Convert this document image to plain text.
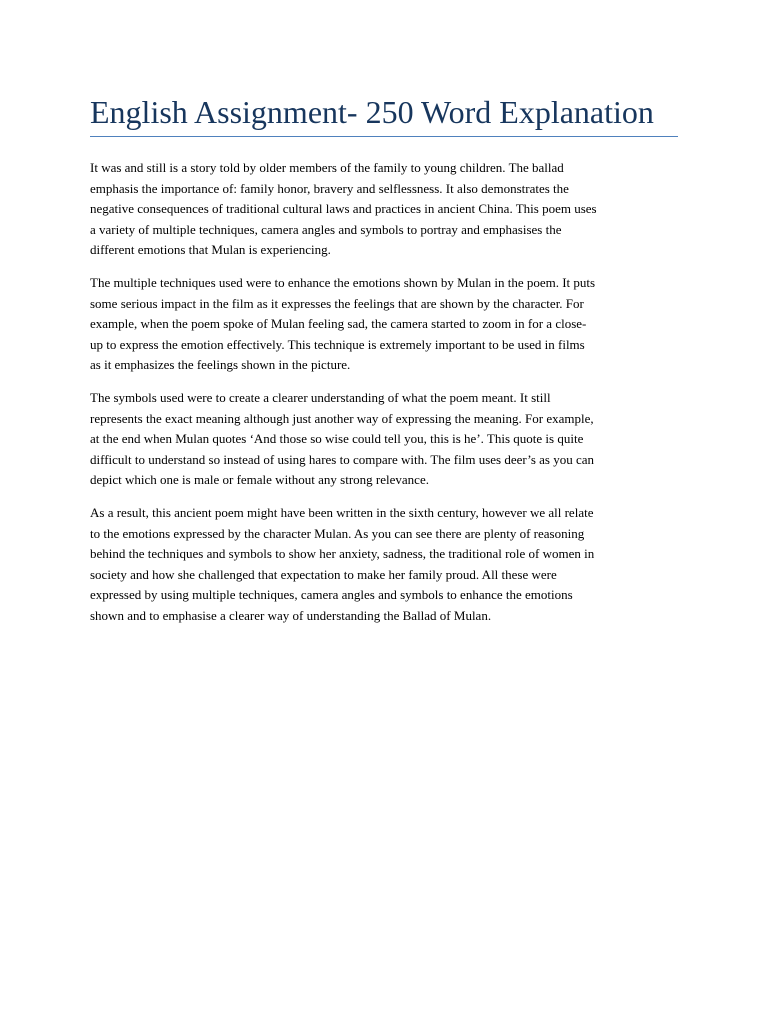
English Assignment- 250 Word Explanation

It was and still is a story told by older members of the family to young children. The ballad
emphasis the importance of: family honor, bravery and selflessness. It also demonstrates the
negative consequences of traditional cultural laws and practices in ancient China. This poem uses
a variety of multiple techniques, camera angles and symbols to portray and emphasises the
different emotions that Mulan is experiencing.

The multiple techniques used were to enhance the emotions shown by Mulan in the poem. It puts
some serious impact in the film as it expresses the feelings that are shown by the character. For
example, when the poem spoke of Mulan feeling sad, the camera started to zoom in for a close-
up to express the emotion effectively. This technique is extremely important to be used in films
as it emphasizes the feelings shown in the picture.

The symbols used were to create a clearer understanding of what the poem meant. It still
represents the exact meaning although just another way of expressing the meaning. For example,
at the end when Mulan quotes ‘And those so wise could tell you, this is he’. This quote is quite
difficult to understand so instead of using hares to compare with. The film uses deer’s as you can
depict which one is male or female without any strong relevance.

As a result, this ancient poem might have been written in the sixth century, however we all relate
to the emotions expressed by the character Mulan. As you can see there are plenty of reasoning
behind the techniques and symbols to show her anxiety, sadness, the traditional role of women in
society and how she challenged that expectation to make her family proud. All these were
expressed by using multiple techniques, camera angles and symbols to enhance the emotions
shown and to emphasise a clearer way of understanding the Ballad of Mulan.
